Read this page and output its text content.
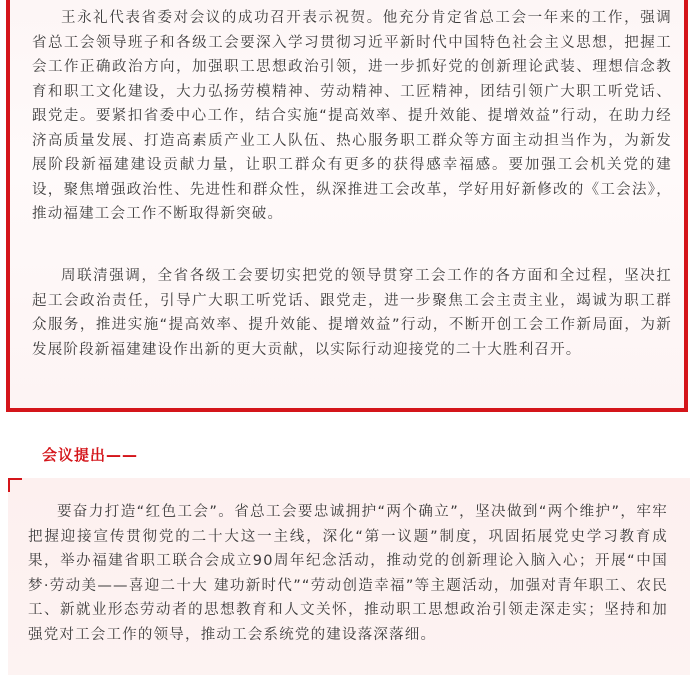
王永礼代表省委对会议的成功召开表示祝贺。他充分肯定省总工会一年来的工作，强调省总工会领导班子和各级工会要深入学习贯彻习近平新时代中国特色社会主义思想，把握工会工作正确政治方向，加强职工思想政治引领，进一步抓好党的创新理论武装、理想信念教育和职工文化建设，大力弘扬劳模精神、劳动精神、工匠精神，团结引领广大职工听党话、跟党走。要紧扣省委中心工作，结合实施“提高效率、提升效能、提增效益”行动，在助力经济高质量发展、打造高素质产业工人队伍、热心服务职工群众等方面主动担当作为，为新发展阶段新福建建设贡献力量，让职工群众有更多的获得感幸福感。要加强工会机关党的建设，聚焦增强政治性、先进性和群众性，纵深推进工会改革，学好用好新修改的《工会法》，推动福建工会工作不断取得新突破。

周联清强调，全省各级工会要切实把党的领导贯穿工会工作的各方面和全过程，坚决扛起工会政治责任，引导广大职工听党话、跟党走，进一步聚焦工会主责主业，竭诚为职工群众服务，推进实施“提高效率、提升效能、提增效益”行动，不断开创工会工作新局面，为新发展阶段新福建建设作出新的更大贡献，以实际行动迎接党的二十大胜利召开。

会议提出——

要奋力打造“红色工会”。省总工会要忠诚拥护“两个确立”，坚决做到“两个维护”，牢牢把握迎接宣传贯彻党的二十大这一主线，深化“第一议题”制度，巩固拓展党史学习教育成果，举办福建省职工联合会成立90周年纪念活动，推动党的创新理论入脑入心；开展“中国梦·劳动美——喜迎二十大 建功新时代”“劳动创造幸福”等主题活动，加强对青年职工、农民工、新就业形态劳动者的思想教育和人文关怀，推动职工思想政治引领走深走实；坚持和加强党对工会工作的领导，推动工会系统党的建设落深落细。
